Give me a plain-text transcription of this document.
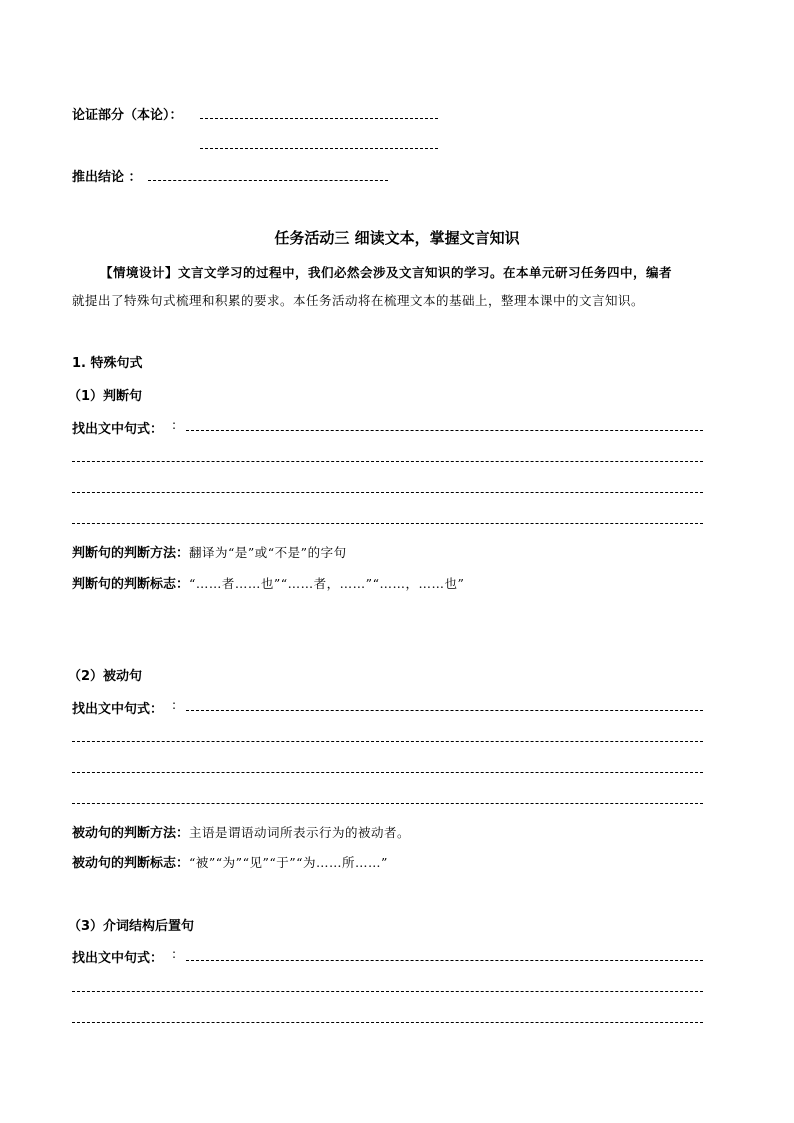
论证部分（本论）：
推出结论 ：
任务活动三 细读文本，掌握文言知识
【情境设计】文言文学习的过程中，我们必然会涉及文言知识的学习。在本单元研习任务四中，编者
就提出了特殊句式梳理和积累的要求。本任务活动将在梳理文本的基础上，整理本课中的文言知识。
1. 特殊句式
（1）判断句
找出文中句式： :
判断句的判断方法：翻译为“是”或“不是”的字句
判断句的判断标志：“……者……也”“……者，……”“……，……也”
（2）被动句
找出文中句式： :
被动句的判断方法：主语是谓语动词所表示行为的被动者。
被动句的判断标志：“被”“为”“见”“于”“为……所……”
（3）介词结构后置句
找出文中句式： :
